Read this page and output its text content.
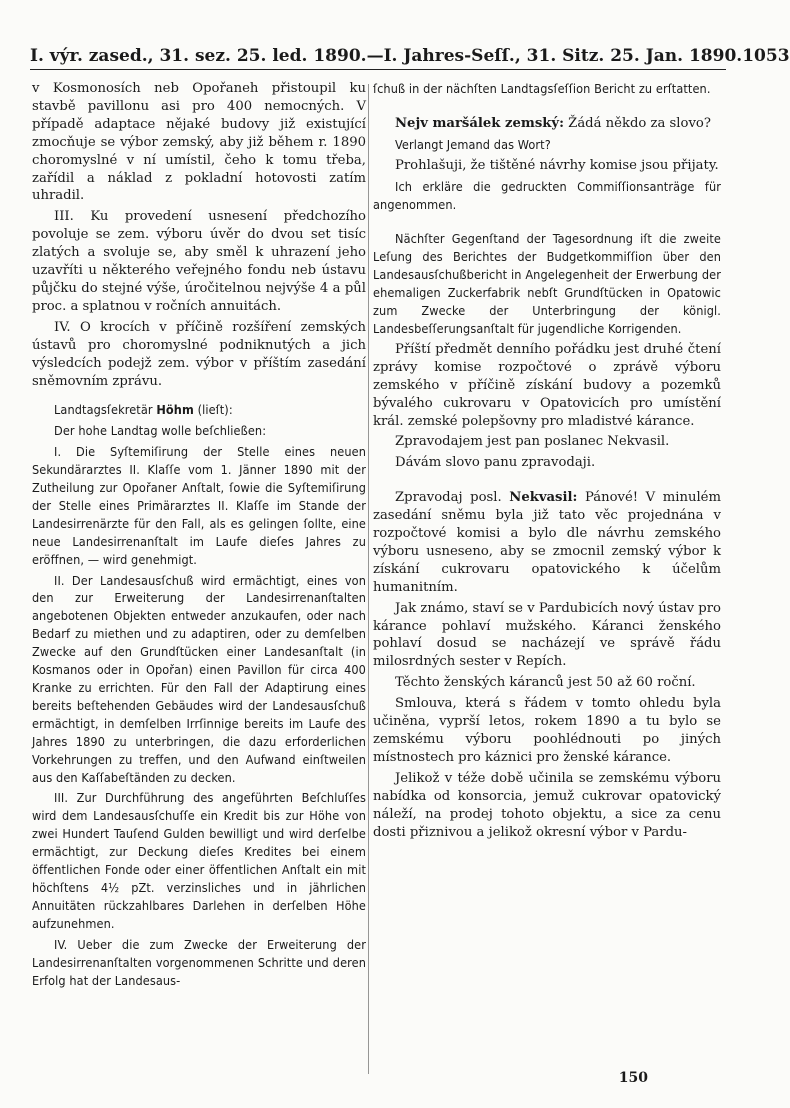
I. výr. zased., 31. sez. 25. led. 1890. — I. Jahres-Seſſ., 31. Sitz. 25. Jan. 1890. 1053

v Kosmonosích neb Opořaneh přistoupil ku stavbě pavillonu asi pro 400 nemocných. V případě adaptace nějaké budovy již existující zmocňuje se výbor zemský, aby již během r. 1890 choromyslné v ní umístil, čeho k tomu třeba, zařídil a náklad z pokladní hotovosti zatím uhradil.

III. Ku provedení usnesení předchozího povoluje se zem. výboru úvěr do dvou set tisíc zlatých a svoluje se, aby směl k uhrazení jeho uzavříti u některého veřejného fondu neb ústavu půjčku do stejné výše, úročitelnou nejvýše 4 a půl proc. a splatnou v ročních annuitách.

IV. O krocích v příčině rozšíření zemských ústavů pro choromyslné podniknutých a jich výsledcích podejž zem. výbor v příštím zasedání sněmovním zprávu.

Landtagsſekretär Höhm (lieſt):

Der hohe Landtag wolle beſchließen:

I. Die Syſtemiſirung der Stelle eines neuen Sekundärarztes II. Klaſſe vom 1. Jänner 1890 mit der Zutheilung zur Opořaner Anſtalt, ſowie die Syſtemiſirung der Stelle eines Primärarztes II. Klaſſe im Stande der Landesirrenärzte für den Fall, als es gelingen ſollte, eine neue Landesirrenanſtalt im Laufe dieſes Jahres zu eröffnen, — wird genehmigt.

II. Der Landesausſchuß wird ermächtigt, eines von den zur Erweiterung der Landesirrenanſtalten angebotenen Objekten entweder anzukaufen, oder nach Bedarf zu miethen und zu adaptiren, oder zu demſelben Zwecke auf den Grundſtücken einer Landesanſtalt (in Kosmanos oder in Opořan) einen Pavillon für circa 400 Kranke zu errichten. Für den Fall der Adaptirung eines bereits beſtehenden Gebäudes wird der Landesausſchuß ermächtigt, in demſelben Irrſinnige bereits im Laufe des Jahres 1890 zu unterbringen, die dazu erforderlichen Vorkehrungen zu treffen, und den Aufwand einſtweilen aus den Kaſſabeſtänden zu decken.

III. Zur Durchführung des angeführten Beſchluſſes wird dem Landesausſchuſſe ein Kredit bis zur Höhe von zwei Hundert Tauſend Gulden bewilligt und wird derſelbe ermächtigt, zur Deckung dieſes Kredites bei einem öffentlichen Fonde oder einer öffentlichen Anſtalt ein mit höchſtens 4½ pZt. verzinsliches und in jährlichen Annuitäten rückzahlbares Darlehen in derſelben Höhe aufzunehmen.

IV. Ueber die zum Zwecke der Erweiterung der Landesirrenanſtalten vorgenommenen Schritte und deren Erfolg hat der Landesaus-

ſchuß in der nächſten Landtagsſeſſion Bericht zu erſtatten.

Nejv maršálek zemský: Žádá někdo za slovo?

Verlangt Jemand das Wort?

Prohlašuji, že tištěné návrhy komise jsou přijaty.

Ich erkläre die gedruckten Commiſſionsanträge für angenommen.

Nächſter Gegenſtand der Tagesordnung iſt die zweite Leſung des Berichtes der Budgetkommiſſion über den Landesausſchußbericht in Angelegenheit der Erwerbung der ehemaligen Zuckerfabrik nebſt Grundſtücken in Opatowic zum Zwecke der Unterbringung der königl. Landesbeſſerungsanſtalt für jugendliche Korrigenden.

Příští předmět denního pořádku jest druhé čtení zprávy komise rozpočtové o zprávě výboru zemského v příčině získání budovy a pozemků bývalého cukrovaru v Opatovicích pro umístění král. zemské polepšovny pro mladistvé kárance.

Zpravodajem jest pan poslanec Nekvasil.

Dávám slovo panu zpravodaji.

Zpravodaj posl. Nekvasil: Pánové! V minulém zasedání sněmu byla již tato věc projednána v rozpočtové komisi a bylo dle návrhu zemského výboru usneseno, aby se zmocnil zemský výbor k získání cukrovaru opatovického k účelům humanitním.

Jak známo, staví se v Pardubicích nový ústav pro kárance pohlaví mužského. Káranci ženského pohlaví dosud se nacházejí ve správě řádu milosrdných sester v Repích.

Těchto ženských káranců jest 50 až 60 roční.

Smlouva, která s řádem v tomto ohledu byla učiněna, vyprší letos, rokem 1890 a tu bylo se zemskému výboru poohlédnouti po jiných místnostech pro káznici pro ženské kárance.

Jelikož v téže době učinila se zemskému výboru nabídka od konsorcia, jemuž cukrovar opatovický náleží, na prodej tohoto objektu, a sice za cenu dosti přiznivou a jelikož okresní výbor v Pardu-

150
